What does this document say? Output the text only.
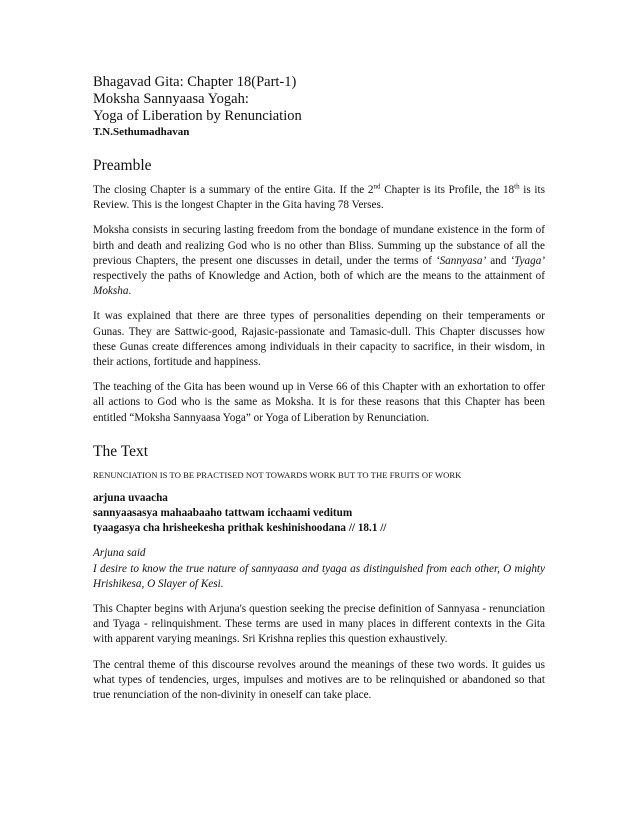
Bhagavad Gita: Chapter 18(Part-1)
Moksha Sannyaasa Yogah:
Yoga of Liberation by Renunciation
T.N.Sethumadhavan
Preamble

The closing Chapter is a summary of the entire Gita. If the 2nd Chapter is its Profile, the 18th is its Review. This is the longest Chapter in the Gita having 78 Verses.

Moksha consists in securing lasting freedom from the bondage of mundane existence in the form of birth and death and realizing God who is no other than Bliss. Summing up the substance of all the previous Chapters, the present one discusses in detail, under the terms of ‘Sannyasa’ and ‘Tyaga’ respectively the paths of Knowledge and Action, both of which are the means to the attainment of Moksha.

It was explained that there are three types of personalities depending on their temperaments or Gunas. They are Sattwic-good, Rajasic-passionate and Tamasic-dull. This Chapter discusses how these Gunas create differences among individuals in their capacity to sacrifice, in their wisdom, in their actions, fortitude and happiness.

The teaching of the Gita has been wound up in Verse 66 of this Chapter with an exhortation to offer all actions to God who is the same as Moksha. It is for these reasons that this Chapter has been entitled “Moksha Sannyaasa Yoga” or Yoga of Liberation by Renunciation.

The Text
RENUNCIATION IS TO BE PRACTISED NOT TOWARDS WORK BUT TO THE FRUITS OF WORK
arjuna uvaacha
sannyaasasya mahaabaaho tattwam icchaami veditum
tyaagasya cha hrisheekesha prithak keshinishoodana // 18.1 //

Arjuna said

I desire to know the true nature of sannyaasa and tyaga as distinguished from each other, O mighty Hrishikesa, O Slayer of Kesi.

This Chapter begins with Arjuna's question seeking the precise definition of Sannyasa - renunciation and Tyaga - relinquishment. These terms are used in many places in different contexts in the Gita with apparent varying meanings. Sri Krishna replies this question exhaustively.

The central theme of this discourse revolves around the meanings of these two words. It guides us what types of tendencies, urges, impulses and motives are to be relinquished or abandoned so that true renunciation of the non-divinity in oneself can take place.
